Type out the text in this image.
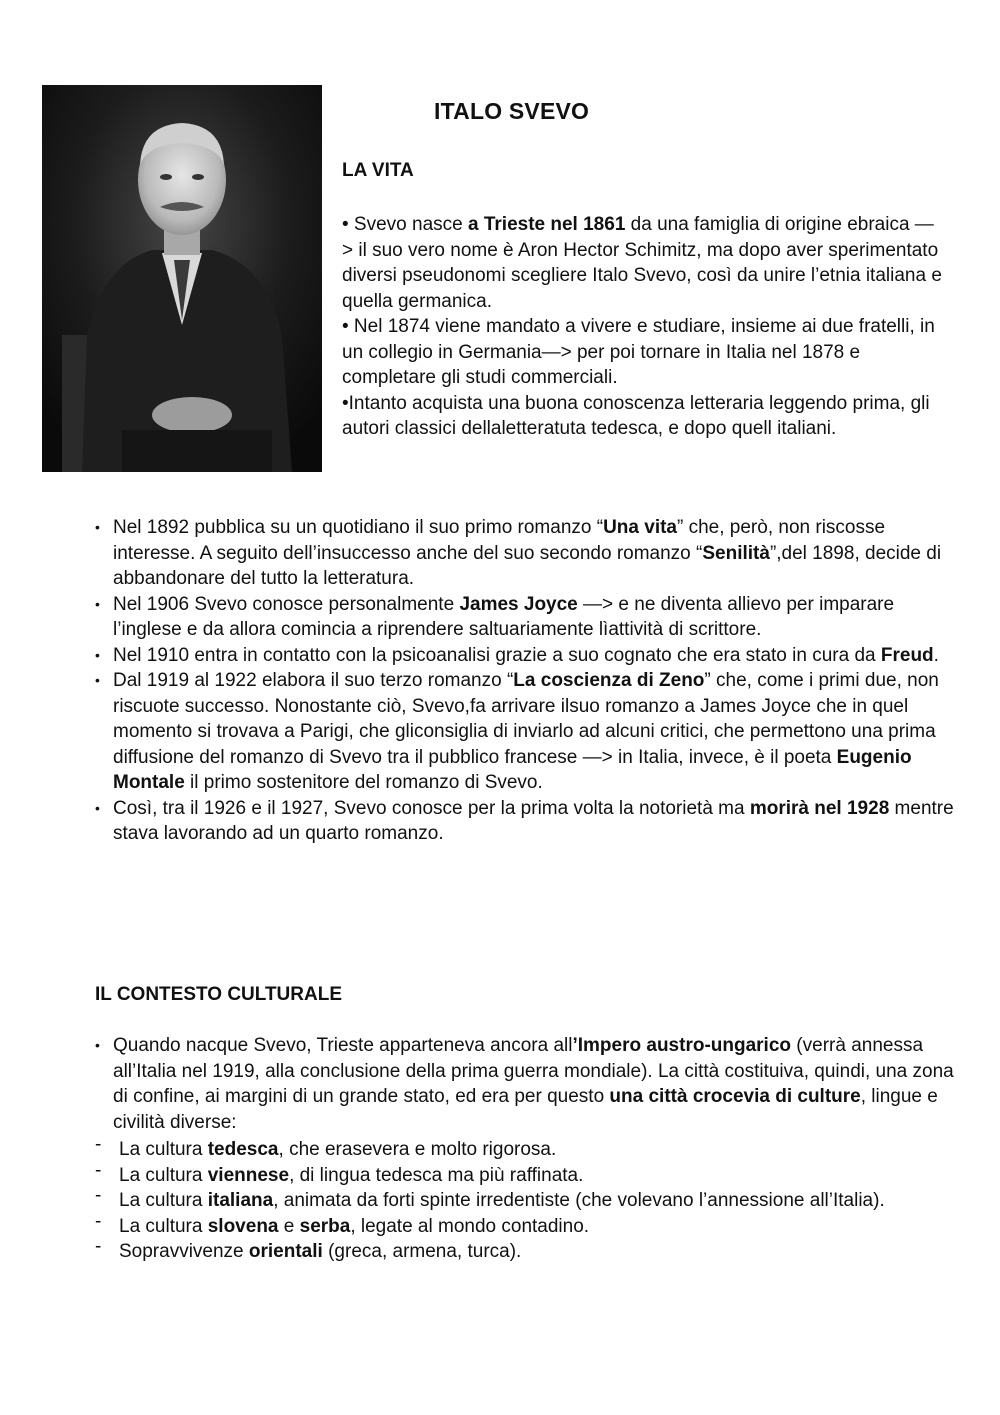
ITALO SVEVO
LA VITA

• Svevo nasce a Trieste nel 1861 da una famiglia di origine ebraica —> il suo vero nome è Aron Hector Schimitz, ma dopo aver sperimentato diversi pseudonomi scegliere Italo Svevo, così da unire l’etnia italiana e quella germanica.

• Nel 1874 viene mandato a vivere e studiare, insieme ai due fratelli, in un collegio in Germania—> per poi tornare in Italia nel 1878 e completare gli studi commerciali.

•Intanto acquista una buona conoscenza letteraria leggendo prima, gli autori classici dellaletteratuta tedesca, e dopo quell italiani.

• Nel 1892 pubblica su un quotidiano il suo primo romanzo “Una vita” che, però, non riscosse interesse. A seguito dell’insuccesso anche del suo secondo romanzo “Senilità”,del 1898, decide di abbandonare del tutto la letteratura.
• Nel 1906 Svevo conosce personalmente James Joyce —> e ne diventa allievo per imparare l’inglese e da allora comincia a riprendere saltuariamente lìattività di scrittore.
• Nel 1910 entra in contatto con la psicoanalisi grazie a suo cognato che era stato in cura da Freud.
• Dal 1919 al 1922 elabora il suo terzo romanzo “La coscienza di Zeno” che, come i primi due, non riscuote successo. Nonostante ciò, Svevo,fa arrivare ilsuo romanzo a James Joyce che in quel momento si trovava a Parigi, che gliconsiglia di inviarlo ad alcuni critici, che permettono una prima diffusione del romanzo di Svevo tra il pubblico francese —> in Italia, invece, è il poeta Eugenio Montale il primo sostenitore del romanzo di Svevo.
• Così, tra il 1926 e il 1927, Svevo conosce per la prima volta la notorietà ma morirà nel 1928 mentre stava lavorando ad un quarto romanzo.
IL CONTESTO CULTURALE
• Quando nacque Svevo, Trieste apparteneva ancora all’Impero austro-ungarico (verrà annessa all’Italia nel 1919, alla conclusione della prima guerra mondiale). La città costituiva, quindi, una zona di confine, ai margini di un grande stato, ed era per questo una città crocevia di culture, lingue e civilità diverse:
- La cultura tedesca, che erasevera e molto rigorosa.
- La cultura viennese, di lingua tedesca ma più raffinata.
- La cultura italiana, animata da forti spinte irredentiste (che volevano l’annessione all’Italia).
- La cultura slovena e serba, legate al mondo contadino.
- Sopravvivenze orientali (greca, armena, turca).
